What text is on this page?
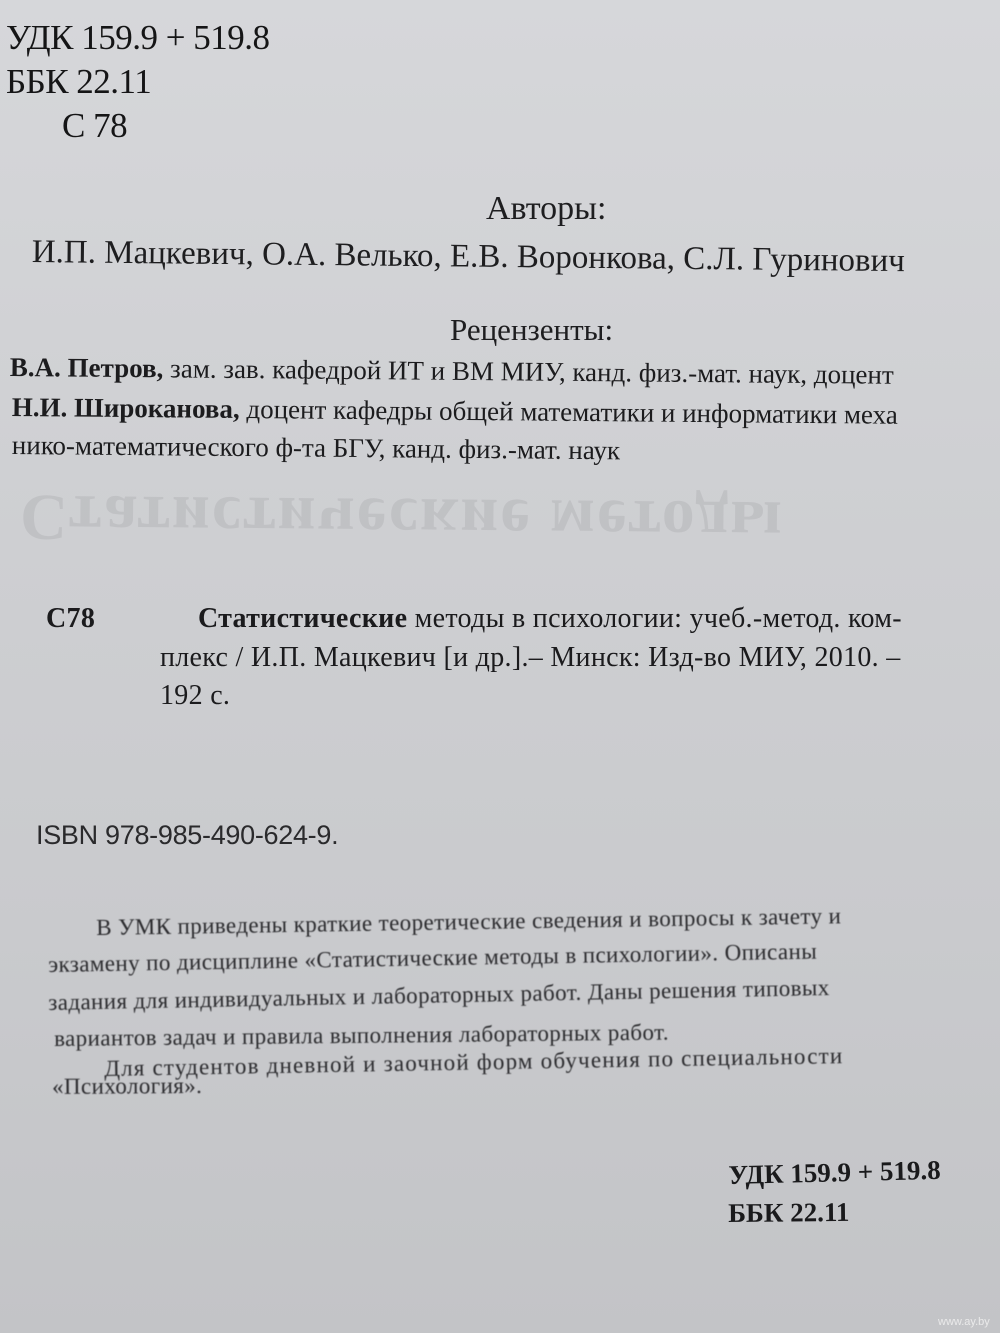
УДК 159.9 + 519.8
ББК 22.11
С 78
Авторы:
И.П. Мацкевич, О.А. Велько, Е.В. Воронкова, С.Л. Гуринович
Рецензенты:
В.А. Петров, зам. зав. кафедрой ИТ и ВМ МИУ, канд. физ.-мат. наук, доцент
Н.И. Широканова, доцент кафедры общей математики и информатики меха
нико-математического ф-та БГУ, канд. физ.-мат. наук
Статистические методы
С78	Статистические методы в психологии: учеб.-метод. ком-
плекс / И.П. Мацкевич [и др.].– Минск: Изд-во МИУ, 2010. –
192 с.
ISBN 978-985-490-624-9.
В УМК приведены краткие теоретические сведения и вопросы к зачету и
экзамену по дисциплине «Статистические методы в психологии». Описаны
задания для индивидуальных и лабораторных работ. Даны решения типовых
вариантов задач и правила выполнения лабораторных работ.
Для студентов дневной и заочной форм обучения по специальности
«Психология».
УДК 159.9 + 519.8
ББК 22.11
www.ay.by
